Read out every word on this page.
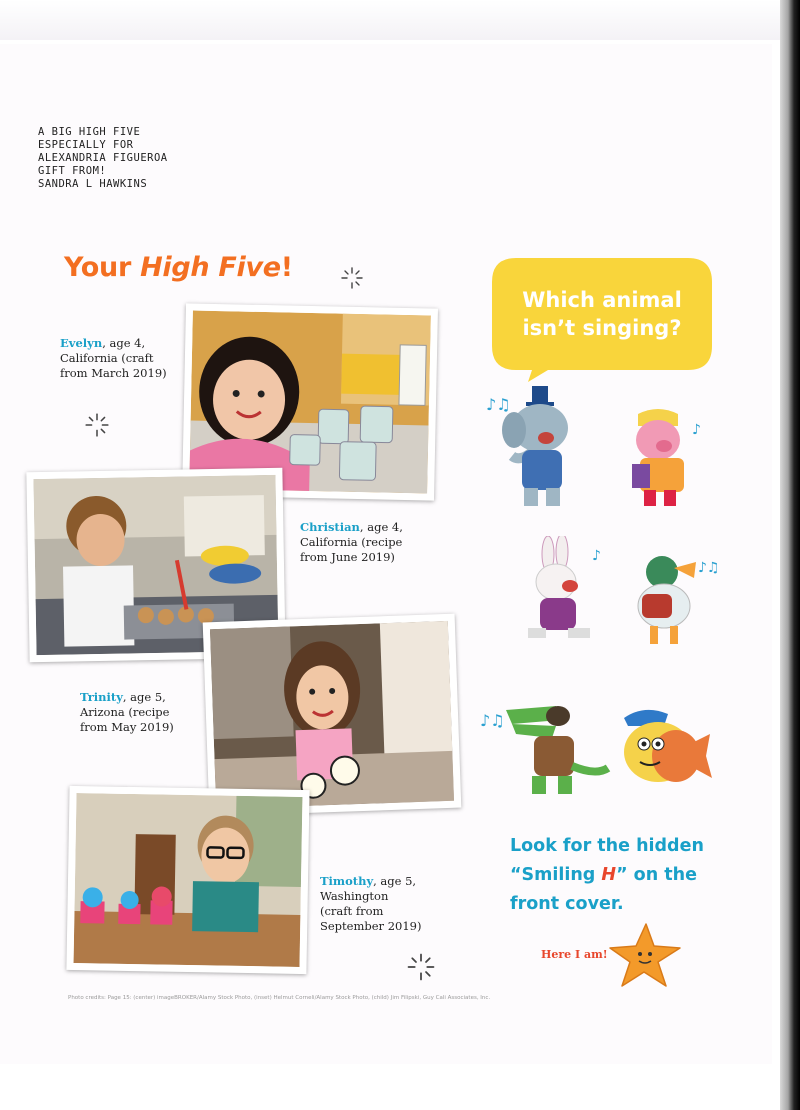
A BIG HIGH FIVE
ESPECIALLY FOR
ALEXANDRIA FIGUEROA
GIFT FROM!
SANDRA L HAWKINS
Your High Five!
Evelyn, age 4,
California (craft
from March 2019)
Christian, age 4,
California (recipe
from June 2019)
Trinity, age 5,
Arizona (recipe
from May 2019)
Timothy, age 5,
Washington
(craft from
September 2019)
Which animal
isn’t singing?
♪♫
♪
♪
♪♫
♪♫
Look for the hidden
“Smiling H” on the
front cover.
Here I am!
Photo credits: Page 15: (center) imageBROKER/Alamy Stock Photo, (inset) Helmut Corneli/Alamy Stock Photo, (child) Jim Filipski, Guy Cali Associates, Inc.
